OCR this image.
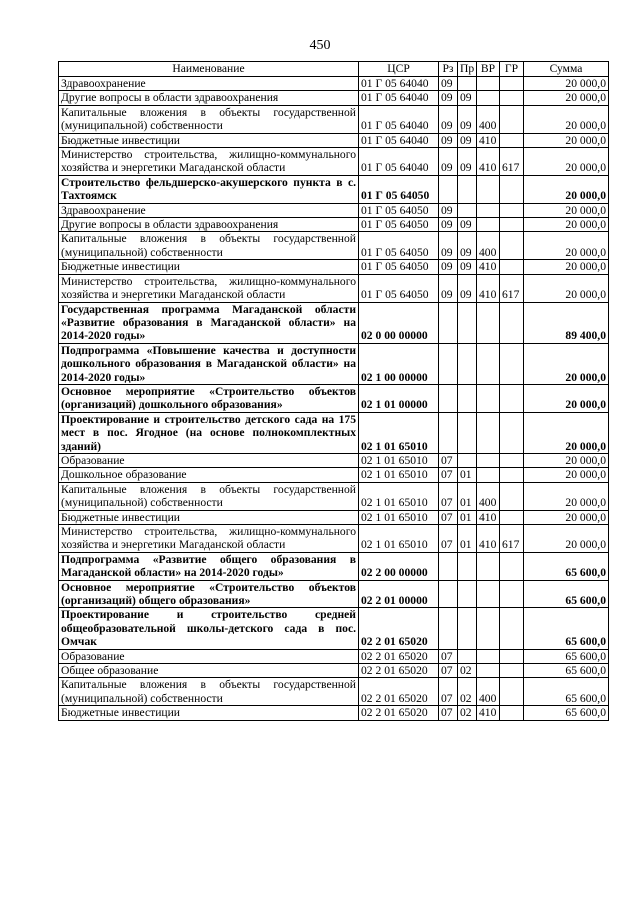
450
Наименование	ЦСР	Рз	Пр	ВР	ГР	Сумма
Здравоохранение	01 Г 05 64040	09				20 000,0
Другие вопросы в области здравоохранения	01 Г 05 64040	09	09			20 000,0
Капитальные вложения в объекты государственной (муниципальной) собственности	01 Г 05 64040	09	09	400		20 000,0
Бюджетные инвестиции	01 Г 05 64040	09	09	410		20 000,0
Министерство строительства, жилищно-коммунального хозяйства и энергетики Магаданской области	01 Г 05 64040	09	09	410	617	20 000,0
Строительство фельдшерско-акушерского пункта в с. Тахтоямск	01 Г 05 64050					20 000,0
Здравоохранение	01 Г 05 64050	09				20 000,0
Другие вопросы в области здравоохранения	01 Г 05 64050	09	09			20 000,0
Капитальные вложения в объекты государственной (муниципальной) собственности	01 Г 05 64050	09	09	400		20 000,0
Бюджетные инвестиции	01 Г 05 64050	09	09	410		20 000,0
Министерство строительства, жилищно-коммунального хозяйства и энергетики Магаданской области	01 Г 05 64050	09	09	410	617	20 000,0
Государственная программа Магаданской области «Развитие образования в Магаданской области» на 2014-2020 годы»	02 0 00 00000					89 400,0
Подпрограмма «Повышение качества и доступности дошкольного образования в Магаданской области» на 2014-2020 годы»	02 1 00 00000					20 000,0
Основное мероприятие «Строительство объектов (организаций) дошкольного образования»	02 1 01 00000					20 000,0
Проектирование и строительство детского сада на 175 мест в пос. Ягодное (на основе полнокомплектных зданий)	02 1 01 65010					20 000,0
Образование	02 1 01 65010	07				20 000,0
Дошкольное образование	02 1 01 65010	07	01			20 000,0
Капитальные вложения в объекты государственной (муниципальной) собственности	02 1 01 65010	07	01	400		20 000,0
Бюджетные инвестиции	02 1 01 65010	07	01	410		20 000,0
Министерство строительства, жилищно-коммунального хозяйства и энергетики Магаданской области	02 1 01 65010	07	01	410	617	20 000,0
Подпрограмма «Развитие общего образования в Магаданской области» на 2014-2020 годы»	02 2 00 00000					65 600,0
Основное мероприятие «Строительство объектов (организаций) общего образования»	02 2 01 00000					65 600,0
Проектирование и строительство средней общеобразовательной школы-детского сада в пос. Омчак	02 2 01 65020					65 600,0
Образование	02 2 01 65020	07				65 600,0
Общее образование	02 2 01 65020	07	02			65 600,0
Капитальные вложения в объекты государственной (муниципальной) собственности	02 2 01 65020	07	02	400		65 600,0
Бюджетные инвестиции	02 2 01 65020	07	02	410		65 600,0
